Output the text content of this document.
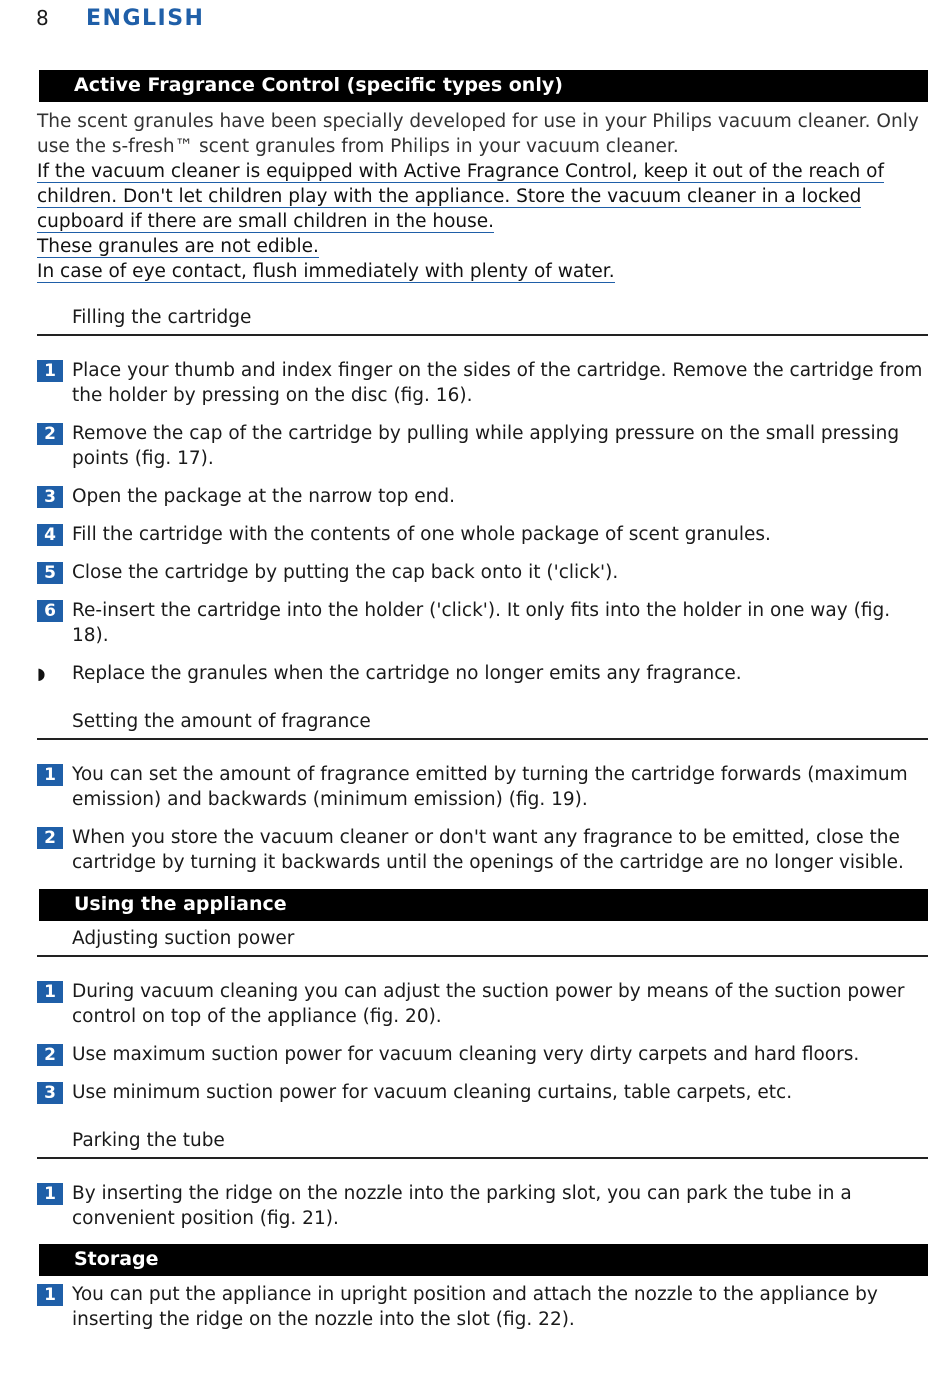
8	ENGLISH
Active Fragrance Control (specific types only)
The scent granules have been specially developed for use in your Philips vacuum cleaner. Only use the s-fresh™ scent granules from Philips in your vacuum cleaner.
If the vacuum cleaner is equipped with Active Fragrance Control, keep it out of the reach of children. Don't let children play with the appliance. Store the vacuum cleaner in a locked cupboard if there are small children in the house.
These granules are not edible.
In case of eye contact, flush immediately with plenty of water.
Filling the cartridge
1 Place your thumb and index finger on the sides of the cartridge. Remove the cartridge from the holder by pressing on the disc (fig. 16).
2 Remove the cap of the cartridge by pulling while applying pressure on the small pressing points (fig. 17).
3 Open the package at the narrow top end.
4 Fill the cartridge with the contents of one whole package of scent granules.
5 Close the cartridge by putting the cap back onto it ('click').
6 Re-insert the cartridge into the holder ('click'). It only fits into the holder in one way (fig. 18).
◗	Replace the granules when the cartridge no longer emits any fragrance.
Setting the amount of fragrance
1 You can set the amount of fragrance emitted by turning the cartridge forwards (maximum emission) and backwards (minimum emission) (fig. 19).
2 When you store the vacuum cleaner or don't want any fragrance to be emitted, close the cartridge by turning it backwards until the openings of the cartridge are no longer visible.
Using the appliance
Adjusting suction power
1 During vacuum cleaning you can adjust the suction power by means of the suction power control on top of the appliance (fig. 20).
2 Use maximum suction power for vacuum cleaning very dirty carpets and hard floors.
3 Use minimum suction power for vacuum cleaning curtains, table carpets, etc.
Parking the tube
1 By inserting the ridge on the nozzle into the parking slot, you can park the tube in a convenient position (fig. 21).
Storage
1 You can put the appliance in upright position and attach the nozzle to the appliance by inserting the ridge on the nozzle into the slot (fig. 22).
